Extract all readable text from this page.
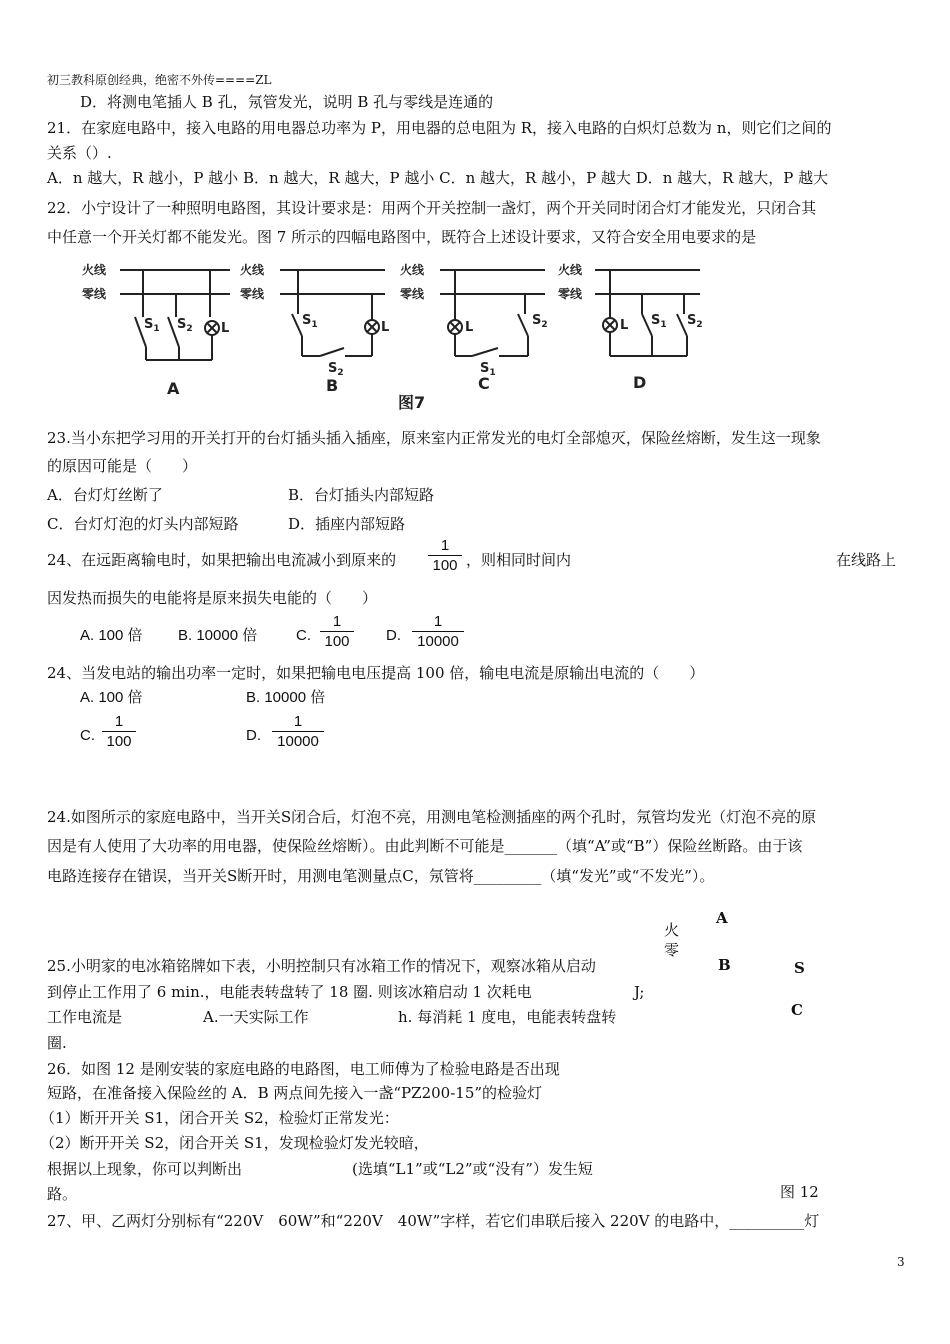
初三教科原创经典，绝密不外传====ZL
D．将测电笔插人 B 孔，氖管发光，说明 B 孔与零线是连通的
21．在家庭电路中，接入电路的用电器总功率为 P，用电器的总电阻为 R，接入电路的白炽灯总数为 n，则它们之间的
关系（）.
A．n 越大，R 越小，P 越小 B．n 越大，R 越大，P 越小 C．n 越大，R 越小，P 越大 D．n 越大，R 越大，P 越大
22．小宁设计了一种照明电路图，其设计要求是：用两个开关控制一盏灯，两个开关同时闭合灯才能发光，只闭合其
中任意一个开关灯都不能发光。图 7 所示的四幅电路图中，既符合上述设计要求，又符合安全用电要求的是
火线
零线
火线
零线
火线
零线
火线
零线
$S_1$ $S_2$ L
$S_1$	L
$S_2$
L	$S_2$
$S_1$
L $S_1$ $S_2$
A	B	C	D
图7
23.当小东把学习用的开关打开的台灯插头插入插座，原来室内正常发光的电灯全部熄灭，保险丝熔断，发生这一现象
的原因可能是（　　）
A．台灯灯丝断了	B．台灯插头内部短路
C．台灯灯泡的灯头内部短路	D．插座内部短路
24、在远距离输电时，如果把输出电流减小到原来的 $\frac{1}{100}$ ，则相同时间内	在线路上
因发热而损失的电能将是原来损失电能的（　　）
A. 100 倍 B. 10000 倍	C. $\frac{1}{100} D$. $\frac{1}{10000}$
24、当发电站的输出功率一定时，如果把输电电压提高 100 倍，输电电流是原输出电流的（　　）
A. 100 倍	B. 10000 倍
C. $\frac{1}{100}$	D. $\frac{1}{10000}$
24.如图所示的家庭电路中，当开关S闭合后，灯泡不亮，用测电笔检测插座的两个孔时，氖管均发光（灯泡不亮的原
因是有人使用了大功率的用电器，使保险丝熔断）。由此判断不可能是_______（填“A”或“B”）保险丝断路。由于该
电路连接存在错误，当开关S断开时，用测电笔测量点C，氖管将_________（填“发光”或“不发光”）。
火
零
A
B	S
C
25.小明家的电冰箱铭牌如下表，小明控制只有冰箱工作的情况下，观察冰箱从启动
到停止工作用了 6 min.，电能表转盘转了 18 圈. 则该冰箱启动 1 次耗电	J;
工作电流是	A.一天实际工作	h. 每消耗 1 度电，电能表转盘转
圈.
26．如图 12 是刚安装的家庭电路的电路图，电工师傅为了检验电路是否出现
短路，在准备接入保险丝的 A．B 两点间先接入一盏“PZ200-15”的检验灯
（1）断开开关 S1，闭合开关 S2，检验灯正常发光：
（2）断开开关 S2，闭合开关 S1，发现检验灯发光较暗，
根据以上现象，你可以判断出	(选填“L1”或“L2”或“没有”）发生短
路。	图 12
27、甲、乙两灯分别标有“220V　60W”和“220V　40W”字样，若它们串联后接入 220V 的电路中，__________灯
3
